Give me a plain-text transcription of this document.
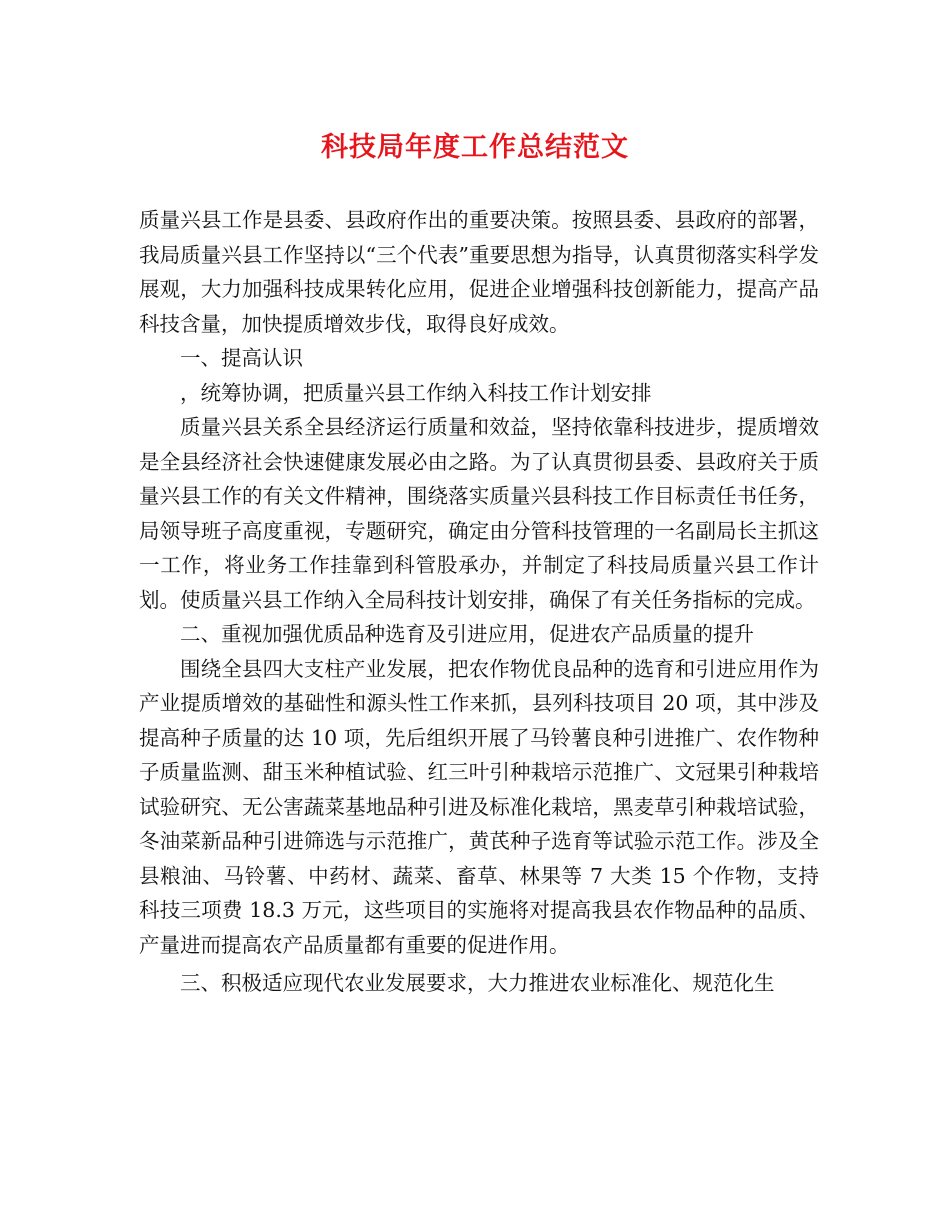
科技局年度工作总结范文

质量兴县工作是县委、县政府作出的重要决策。按照县委、县政府的部署，我局质量兴县工作坚持以“三个代表”重要思想为指导，认真贯彻落实科学发展观，大力加强科技成果转化应用，促进企业增强科技创新能力，提高产品科技含量，加快提质增效步伐，取得良好成效。

一、提高认识

，统筹协调，把质量兴县工作纳入科技工作计划安排

质量兴县关系全县经济运行质量和效益，坚持依靠科技进步，提质增效是全县经济社会快速健康发展必由之路。为了认真贯彻县委、县政府关于质量兴县工作的有关文件精神，围绕落实质量兴县科技工作目标责任书任务，局领导班子高度重视，专题研究，确定由分管科技管理的一名副局长主抓这一工作，将业务工作挂靠到科管股承办，并制定了科技局质量兴县工作计划。使质量兴县工作纳入全局科技计划安排，确保了有关任务指标的完成。

二、重视加强优质品种选育及引进应用，促进农产品质量的提升

围绕全县四大支柱产业发展，把农作物优良品种的选育和引进应用作为产业提质增效的基础性和源头性工作来抓，县列科技项目 20 项，其中涉及提高种子质量的达 10 项，先后组织开展了马铃薯良种引进推广、农作物种子质量监测、甜玉米种植试验、红三叶引种栽培示范推广、文冠果引种栽培试验研究、无公害蔬菜基地品种引进及标准化栽培，黑麦草引种栽培试验，冬油菜新品种引进筛选与示范推广，黄芪种子选育等试验示范工作。涉及全县粮油、马铃薯、中药材、蔬菜、畜草、林果等 7 大类 15 个作物，支持科技三项费 18.3 万元，这些项目的实施将对提高我县农作物品种的品质、产量进而提高农产品质量都有重要的促进作用。

三、积极适应现代农业发展要求，大力推进农业标准化、规范化生
